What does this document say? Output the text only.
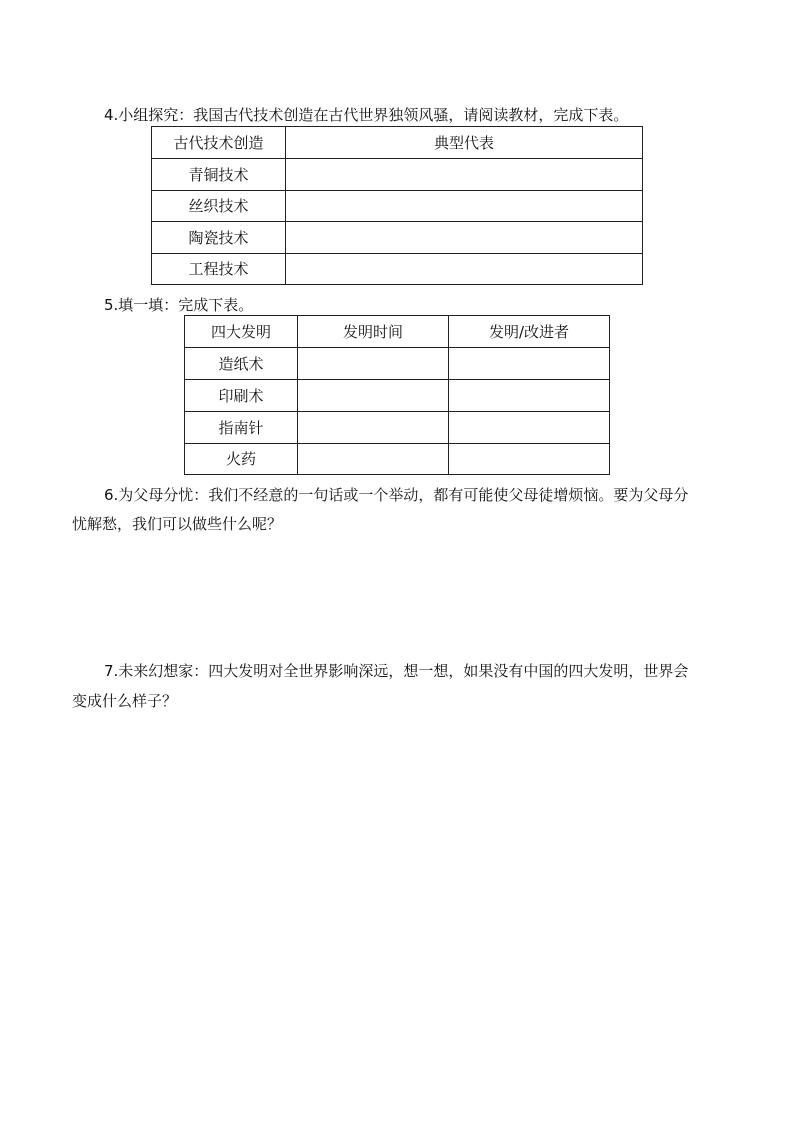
4.小组探究：我国古代技术创造在古代世界独领风骚，请阅读教材，完成下表。
古代技术创造	典型代表
青铜技术	
丝织技术	
陶瓷技术	
工程技术	
5.填一填：完成下表。
四大发明	发明时间	发明/改进者
造纸术		
印刷术		
指南针		
火药		
6.为父母分忧：我们不经意的一句话或一个举动，都有可能使父母徒增烦恼。要为父母分
忧解愁，我们可以做些什么呢？
7.未来幻想家：四大发明对全世界影响深远，想一想，如果没有中国的四大发明，世界会
变成什么样子？
